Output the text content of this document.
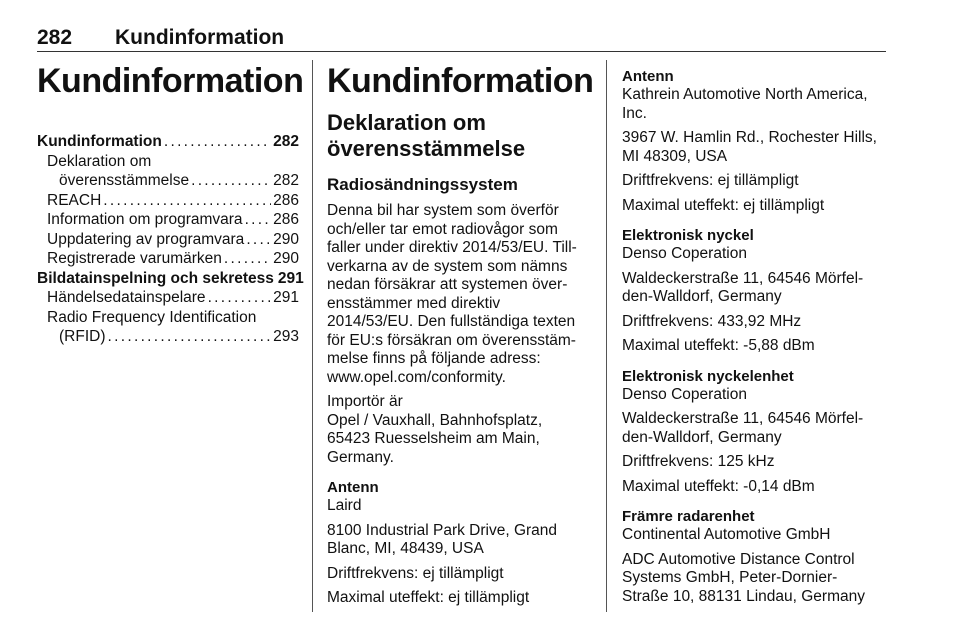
282 Kundinformation
Kundinformation
Kundinformation . . .	282
Deklaration om
överensstämmelse . . .	282
REACH . . .	286
Information om programvara . . . 286
Uppdatering av programvara . . . 290
Registrerade varumärken . . .	290
Bildatainspelning och sekretess 291
Händelsedatainspelare . . .	291
Radio Frequency Identification
(RFID) . . .	293
Kundinformation
Deklaration om
överensstämmelse
Radiosändningssystem
Denna bil har system som överför
och/eller tar emot radiovågor som
faller under direktiv 2014/53/EU. Till-
verkarna av de system som nämns
nedan försäkrar att systemen över-
ensstämmer med direktiv
2014/53/EU. Den fullständiga texten
för EU:s försäkran om överensstäm-
melse finns på följande adress:
www.opel.com/conformity.
Importör är
Opel / Vauxhall, Bahnhofsplatz,
65423 Ruesselsheim am Main,
Germany.
Antenn
Laird
8100 Industrial Park Drive, Grand
Blanc, MI, 48439, USA
Driftfrekvens: ej tillämpligt
Maximal uteffekt: ej tillämpligt
Antenn
Kathrein Automotive North America,
Inc.
3967 W. Hamlin Rd., Rochester Hills,
MI 48309, USA
Driftfrekvens: ej tillämpligt
Maximal uteffekt: ej tillämpligt
Elektronisk nyckel
Denso Coperation
Waldeckerstraße 11, 64546 Mörfel-
den-Walldorf, Germany
Driftfrekvens: 433,92 MHz
Maximal uteffekt: -5,88 dBm
Elektronisk nyckelenhet
Denso Coperation
Waldeckerstraße 11, 64546 Mörfel-
den-Walldorf, Germany
Driftfrekvens: 125 kHz
Maximal uteffekt: -0,14 dBm
Främre radarenhet
Continental Automotive GmbH
ADC Automotive Distance Control
Systems GmbH, Peter-Dornier-
Straße 10, 88131 Lindau, Germany
